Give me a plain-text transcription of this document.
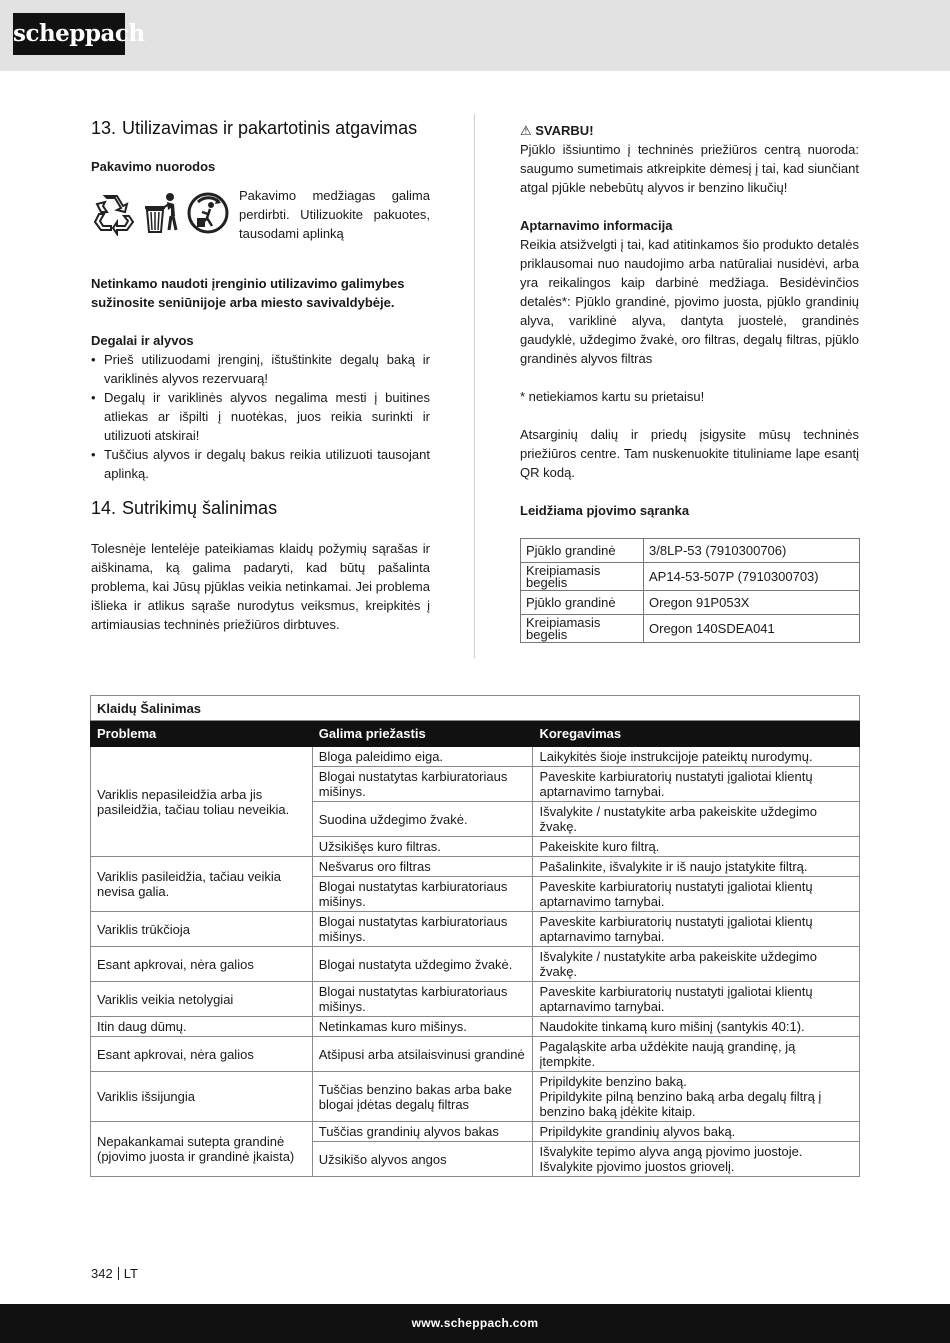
scheppach
13. Utilizavimas ir pakartotinis atgavimas
Pakavimo nuorodos
Pakavimo medžiagas galima perdirbti. Utilizuokite pakuotes, tausodami aplinką
Netinkamo naudoti įrenginio utilizavimo galimybes sužinosite seniūnijoje arba miesto savivaldybėje.
Degalai ir alyvos
• Prieš utilizuodami įrenginį, ištuštinkite degalų baką ir variklinės alyvos rezervuarą!
• Degalų ir variklinės alyvos negalima mesti į buitines atliekas ar išpilti į nuotėkas, juos reikia surinkti ir utilizuoti atskirai!
• Tuščius alyvos ir degalų bakus reikia utilizuoti tausojant aplinką.
14. Sutrikimų šalinimas
Tolesnėje lentelėje pateikiamas klaidų požymių sąrašas ir aiškinama, ką galima padaryti, kad būtų pašalinta problema, kai Jūsų pjūklas veikia netinkamai. Jei problema išlieka ir atlikus sąraše nurodytus veiksmus, kreipkitės į artimiausias techninės priežiūros dirbtuves.
⚠ SVARBU!
Pjūklo išsiuntimo į techninės priežiūros centrą nuoroda: saugumo sumetimais atkreipkite dėmesį į tai, kad siunčiant atgal pjūkle nebebūtų alyvos ir benzino likučių!
Aptarnavimo informacija
Reikia atsižvelgti į tai, kad atitinkamos šio produkto detalės priklausomai nuo naudojimo arba natūraliai nusidėvi, arba yra reikalingos kaip darbinė medžiaga. Besidėvinčios detalės*: Pjūklo grandinė, pjovimo juosta, pjūklo grandinių alyva, variklinė alyva, dantyta juostelė, grandinės gaudyklė, uždegimo žvakė, oro filtras, degalų filtras, pjūklo grandinės alyvos filtras
* netiekiamos kartu su prietaisu!
Atsarginių dalių ir priedų įsigysite mūsų techninės priežiūros centre. Tam nuskenuokite tituliniame lape esantį QR kodą.
Leidžiama pjovimo sąranka
Pjūklo grandinė	3/8LP-53 (7910300706)
Kreipiamasis begelis	AP14-53-507P (7910300703)
Pjūklo grandinė	Oregon 91P053X
Kreipiamasis begelis	Oregon 140SDEA041
Klaidų Šalinimas		
Problema	Galima priežastis	Koregavimas
Variklis nepasileidžia arba jis pasileidžia, tačiau toliau neveikia.	Bloga paleidimo eiga.	Laikykitės šioje instrukcijoje pateiktų nurodymų.
	Blogai nustatytas karbiuratoriaus mišinys.	Paveskite karbiuratorių nustatyti įgaliotai klientų aptarnavimo tarnybai.
	Suodina uždegimo žvakė.	Išvalykite / nustatykite arba pakeiskite uždegimo žvakę.
	Užsikišęs kuro filtras.	Pakeiskite kuro filtrą.
Variklis pasileidžia, tačiau veikia nevisa galia.	Nešvarus oro filtras	Pašalinkite, išvalykite ir iš naujo įstatykite filtrą.
	Blogai nustatytas karbiuratoriaus mišinys.	Paveskite karbiuratorių nustatyti įgaliotai klientų aptarnavimo tarnybai.
Variklis trūkčioja	Blogai nustatytas karbiuratoriaus mišinys.	Paveskite karbiuratorių nustatyti įgaliotai klientų aptarnavimo tarnybai.
Esant apkrovai, nėra galios	Blogai nustatyta uždegimo žvakė.	Išvalykite / nustatykite arba pakeiskite uždegimo žvakę.
Variklis veikia netolygiai	Blogai nustatytas karbiuratoriaus mišinys.	Paveskite karbiuratorių nustatyti įgaliotai klientų aptarnavimo tarnybai.
Itin daug dūmų.	Netinkamas kuro mišinys.	Naudokite tinkamą kuro mišinį (santykis 40:1).
Esant apkrovai, nėra galios	Atšipusi arba atsilaisvinusi grandinė	Pagaląskite arba uždėkite naują grandinę, ją įtempkite.
Variklis išsijungia	Tuščias benzino bakas arba bake blogai įdėtas degalų filtras	Pripildykite benzino baką.
Pripildykite pilną benzino baką arba degalų filtrą į benzino baką įdėkite kitaip.
Nepakankamai sutepta grandinė (pjovimo juosta ir grandinė įkaista)	Tuščias grandinių alyvos bakas	Pripildykite grandinių alyvos baką.
	Užsikišo alyvos angos	Išvalykite tepimo alyva angą pjovimo juostoje. Išvalykite pjovimo juostos griovelį.
342 LT
www.scheppach.com
